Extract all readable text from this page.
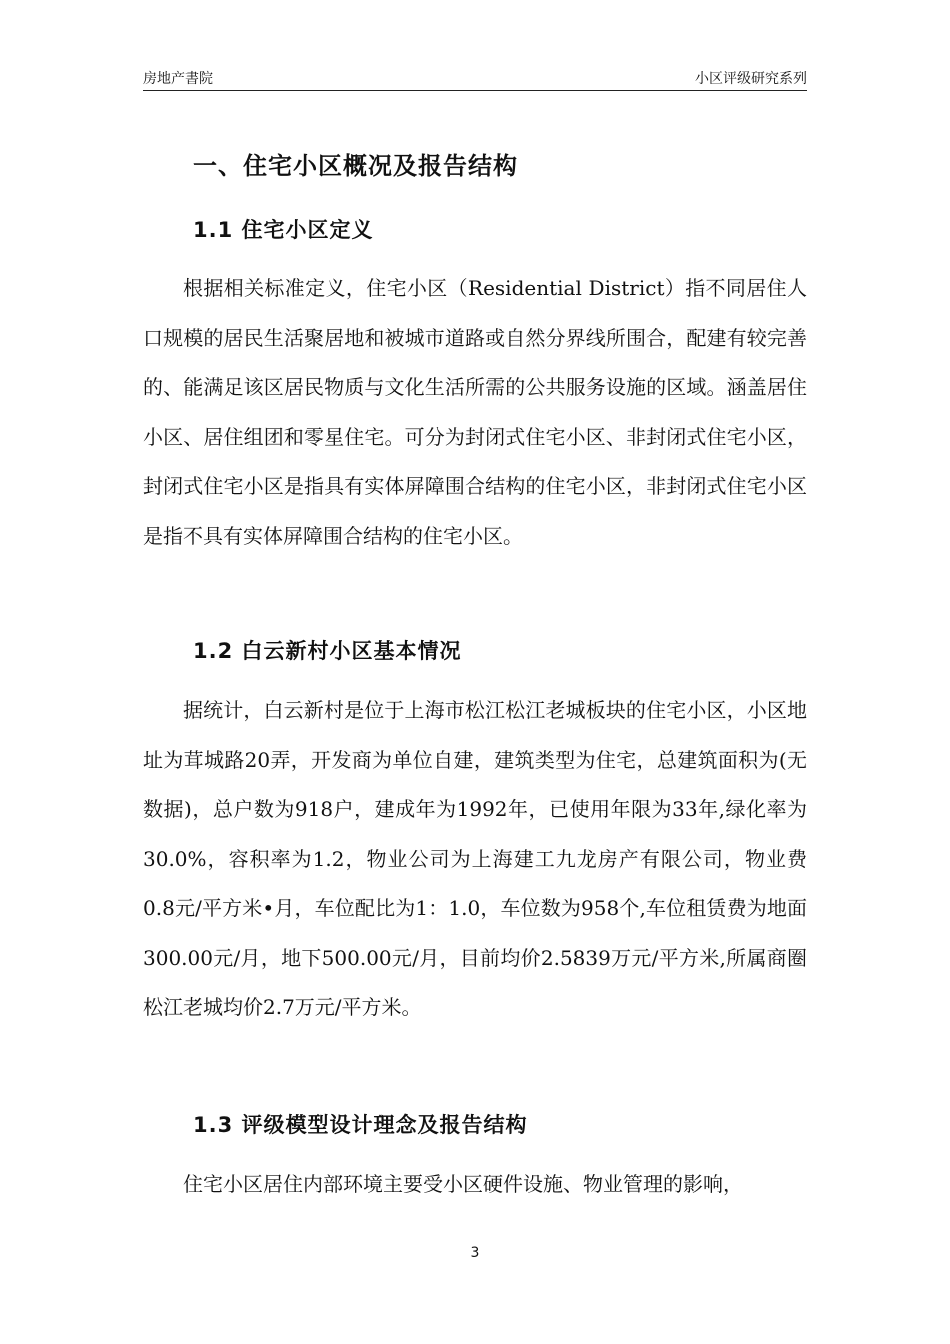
房地产書院	小区评级研究系列
一、住宅小区概况及报告结构
1.1 住宅小区定义

根据相关标准定义，住宅小区（Residential District）指不同居住人口规模的居民生活聚居地和被城市道路或自然分界线所围合，配建有较完善的、能满足该区居民物质与文化生活所需的公共服务设施的区域。涵盖居住小区、居住组团和零星住宅。可分为封闭式住宅小区、非封闭式住宅小区，封闭式住宅小区是指具有实体屏障围合结构的住宅小区，非封闭式住宅小区是指不具有实体屏障围合结构的住宅小区。

1.2 白云新村小区基本情况

据统计，白云新村是位于上海市松江松江老城板块的住宅小区，小区地址为茸城路20弄，开发商为单位自建，建筑类型为住宅，总建筑面积为(无数据)，总户数为918户，建成年为1992年，已使用年限为33年,绿化率为30.0%，容积率为1.2，物业公司为上海建工九龙房产有限公司，物业费0.8元/平方米•月，车位配比为1：1.0，车位数为958个,车位租赁费为地面300.00元/月，地下500.00元/月，目前均价2.5839万元/平方米,所属商圈松江老城均价2.7万元/平方米。

1.3 评级模型设计理念及报告结构

住宅小区居住内部环境主要受小区硬件设施、物业管理的影响，

3
